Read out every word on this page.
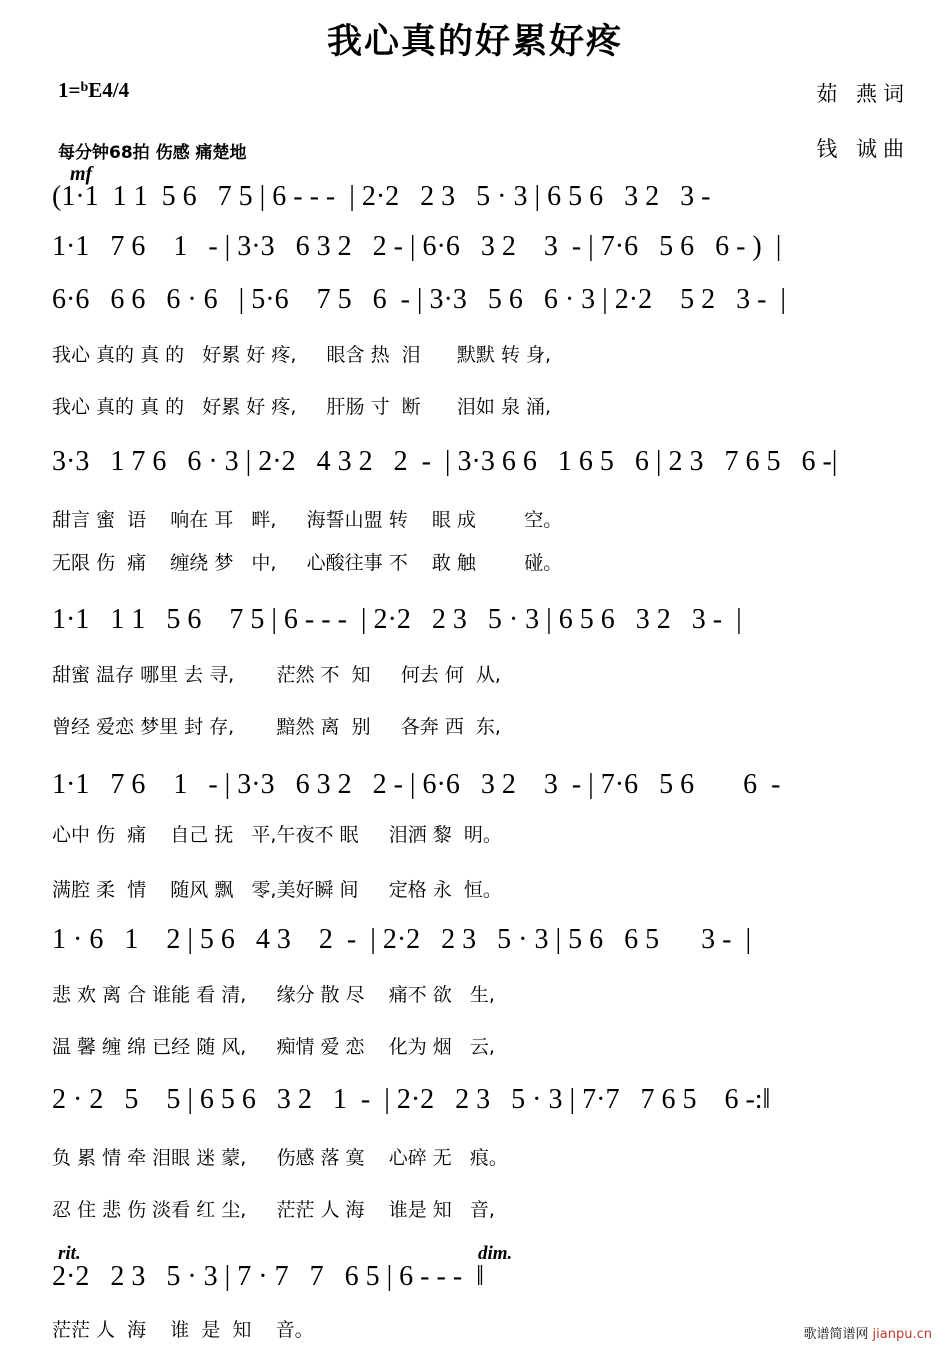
我心真的好累好疼
1=$^b$E4/4	茹 燕词
钱 诚曲
每分钟68拍 伤感 痛楚地
mf
rit.	dim.
(1·1  1 1  5 6   7 5 | 6 - - -  | 2·2   2 3   5 · 3 | 6 5 6   3 2   3 -
1·1   7 6    1   - | 3·3   6 3 2   2 - | 6·6   3 2    3  - | 7·6   5 6   6 - )  |
6·6   6 6   6 · 6   | 5·6    7 5   6  - | 3·3   5 6   6 · 3 | 2·2    5 2   3 -  |
我心 真的 真 的   好累 好 疼,     眼含 热  泪      默默 转 身,
我心 真的 真 的   好累 好 疼,     肝肠 寸  断      泪如 泉 涌,
3·3   1 7 6   6 · 3 | 2·2   4 3 2   2  -  | 3·3 6 6   1 6 5   6 | 2 3   7 6 5   6 -|
甜言 蜜  语    响在 耳   畔,     海誓山盟 转    眼 成        空。
无限 伤  痛    缠绕 梦   中,     心酸往事 不    敢 触        碰。
1·1   1 1   5 6    7 5 | 6 - - -  | 2·2   2 3   5 · 3 | 6 5 6   3 2   3 -  |
甜蜜 温存 哪里 去 寻,       茫然 不  知     何去 何  从,
曾经 爱恋 梦里 封 存,       黯然 离  别     各奔 西  东,
1·1   7 6    1   - | 3·3   6 3 2   2 - | 6·6   3 2    3  - | 7·6   5 6       6  -
心中 伤  痛    自己 抚   平,午夜不 眠     泪洒 黎  明。
满腔 柔  情    随风 飘   零,美好瞬 间     定格 永  恒。
1 · 6   1    2 | 5 6   4 3    2  -  | 2·2   2 3   5 · 3 | 5 6   6 5      3 -  |
悲 欢 离 合 谁能 看 清,     缘分 散 尽    痛不 欲   生,
温 馨 缠 绵 已经 随 风,     痴情 爱 恋    化为 烟   云,
2 · 2   5    5 | 6 5 6   3 2   1  -  | 2·2   2 3   5 · 3 | 7·7   7 6 5    6 -:‖
负 累 情 牵 泪眼 迷 蒙,     伤感 落 寞    心碎 无   痕。
忍 住 悲 伤 淡看 红 尘,     茫茫 人 海    谁是 知   音,
2·2   2 3   5 · 3 | 7 · 7   7   6 5 | 6 - - -  ‖
茫茫 人  海    谁  是  知    音。	歌谱简谱网 jianpu.cn
